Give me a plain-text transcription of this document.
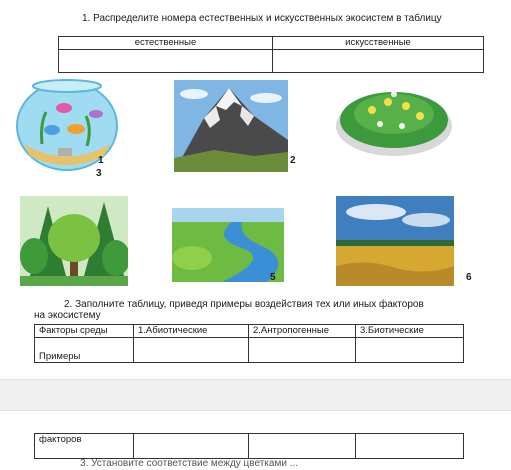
1. Распределите номера естественных и искусственных экосистем в таблицу
естественные	искусственные

1
3
2
5	6
2. Заполните таблицу, приведя примеры воздействия тех или иных факторов
на экосистему
Факторы среды	1.Абиотические	2.Антропогенные	3.Биотические
Примеры			
факторов			
3. Установите соответствие между цветками ...
